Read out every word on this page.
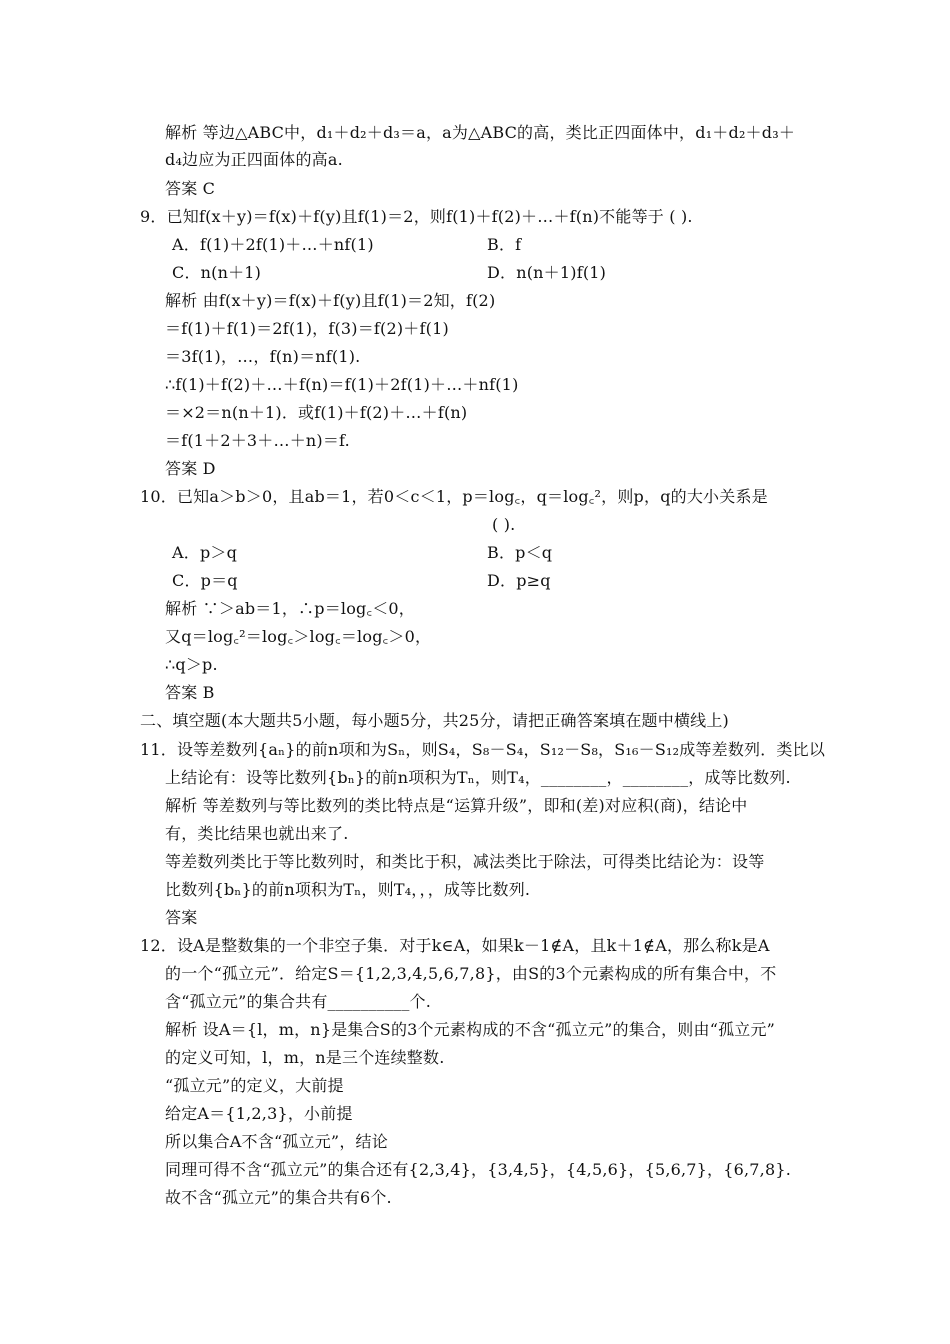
解析 等边△ABC中，d₁＋d₂＋d₃＝a，a为△ABC的高，类比正四面体中，d₁＋d₂＋d₃＋
d₄边应为正四面体的高a.
答案 C
9．已知f(x＋y)＝f(x)＋f(y)且f(1)＝2，则f(1)＋f(2)＋…＋f(n)不能等于 ( ).
A．f(1)＋2f(1)＋…＋nf(1)	B．f
C．n(n＋1)	D．n(n＋1)f(1)
解析 由f(x＋y)＝f(x)＋f(y)且f(1)＝2知，f(2)
＝f(1)＋f(1)＝2f(1)，f(3)＝f(2)＋f(1)
＝3f(1)，…，f(n)＝nf(1).
∴f(1)＋f(2)＋…＋f(n)＝f(1)＋2f(1)＋…＋nf(1)
＝×2＝n(n＋1)．或f(1)＋f(2)＋…＋f(n)
＝f(1＋2＋3＋…＋n)＝f.
答案 D
10．已知a＞b＞0，且ab＝1，若0＜c＜1，p＝log꜀，q＝log꜀²，则p，q的大小关系是
( ).
A．p＞q	B．p＜q
C．p＝q	D．p≥q
解析 ∵＞ab＝1，∴p＝log꜀＜0，
又q＝log꜀²＝log꜀＞log꜀＝log꜀＞0，
∴q＞p.
答案 B
二、填空题(本大题共5小题，每小题5分，共25分，请把正确答案填在题中横线上)
11．设等差数列{aₙ}的前n项和为Sₙ，则S₄，S₈－S₄，S₁₂－S₈，S₁₆－S₁₂成等差数列．类比以
上结论有：设等比数列{bₙ}的前n项积为Tₙ，则T₄，________，________，成等比数列.
解析 等差数列与等比数列的类比特点是“运算升级”，即和(差)对应积(商)，结论中
有，类比结果也就出来了.
等差数列类比于等比数列时，和类比于积，减法类比于除法，可得类比结论为：设等
比数列{bₙ}的前n项积为Tₙ，则T₄，，，成等比数列.
答案
12．设A是整数集的一个非空子集．对于k∈A，如果k－1∉A，且k＋1∉A，那么称k是A
的一个“孤立元”．给定S＝{1,2,3,4,5,6,7,8}，由S的3个元素构成的所有集合中，不
含“孤立元”的集合共有__________个.
解析 设A＝{l，m，n}是集合S的3个元素构成的不含“孤立元”的集合，则由“孤立元”
的定义可知，l，m，n是三个连续整数.
“孤立元”的定义，大前提
给定A＝{1,2,3}，小前提
所以集合A不含“孤立元”，结论
同理可得不含“孤立元”的集合还有{2,3,4}，{3,4,5}，{4,5,6}，{5,6,7}，{6,7,8}.
故不含“孤立元”的集合共有6个.
